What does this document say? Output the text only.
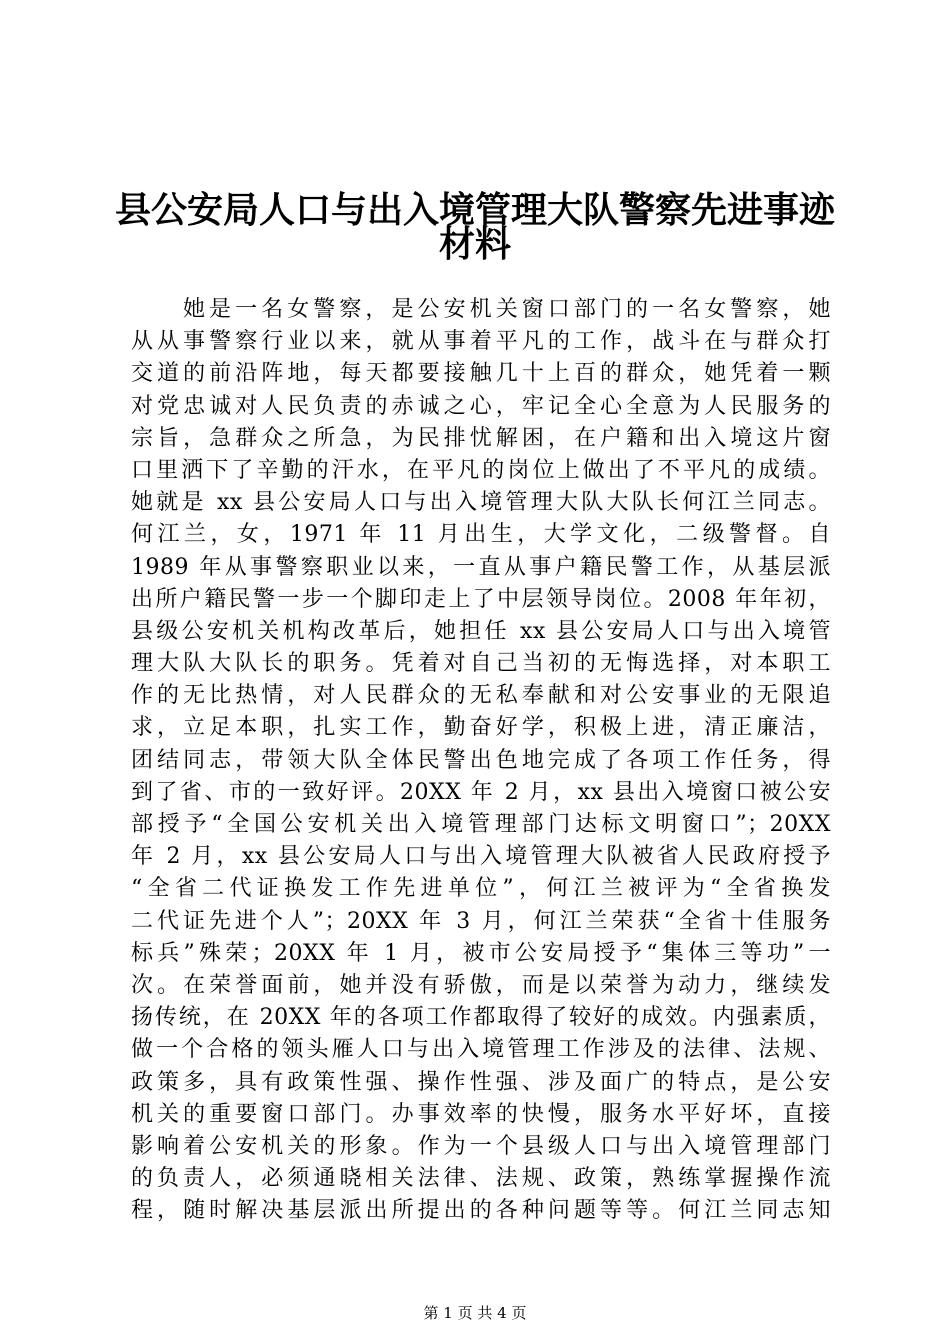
县公安局人口与出入境管理大队警察先进事迹
材料
她是一名女警察，是公安机关窗口部门的一名女警察，她
从从事警察行业以来，就从事着平凡的工作，战斗在与群众打
交道的前沿阵地，每天都要接触几十上百的群众，她凭着一颗
对党忠诚对人民负责的赤诚之心，牢记全心全意为人民服务的
宗旨，急群众之所急，为民排忧解困，在户籍和出入境这片窗
口里洒下了辛勤的汗水，在平凡的岗位上做出了不平凡的成绩。
她就是 xx 县公安局人口与出入境管理大队大队长何江兰同志。
何江兰，女，1971 年 11 月出生，大学文化，二级警督。自
1989 年从事警察职业以来，一直从事户籍民警工作，从基层派
出所户籍民警一步一个脚印走上了中层领导岗位。2008 年年初，
县级公安机关机构改革后，她担任 xx 县公安局人口与出入境管
理大队大队长的职务。凭着对自己当初的无悔选择，对本职工
作的无比热情，对人民群众的无私奉献和对公安事业的无限追
求，立足本职，扎实工作，勤奋好学，积极上进，清正廉洁，
团结同志，带领大队全体民警出色地完成了各项工作任务，得
到了省、市的一致好评。20XX 年 2 月，xx 县出入境窗口被公安
部授予“全国公安机关出入境管理部门达标文明窗口”；20XX
年 2 月，xx 县公安局人口与出入境管理大队被省人民政府授予
“全省二代证换发工作先进单位”，何江兰被评为“全省换发
二代证先进个人”；20XX 年 3 月，何江兰荣获“全省十佳服务
标兵”殊荣；20XX 年 1 月，被市公安局授予“集体三等功”一
次。在荣誉面前，她并没有骄傲，而是以荣誉为动力，继续发
扬传统，在 20XX 年的各项工作都取得了较好的成效。内强素质，
做一个合格的领头雁人口与出入境管理工作涉及的法律、法规、
政策多，具有政策性强、操作性强、涉及面广的特点，是公安
机关的重要窗口部门。办事效率的快慢，服务水平好坏，直接
影响着公安机关的形象。作为一个县级人口与出入境管理部门
的负责人，必须通晓相关法律、法规、政策，熟练掌握操作流
程，随时解决基层派出所提出的各种问题等等。何江兰同志知
第 1 页 共 4 页
